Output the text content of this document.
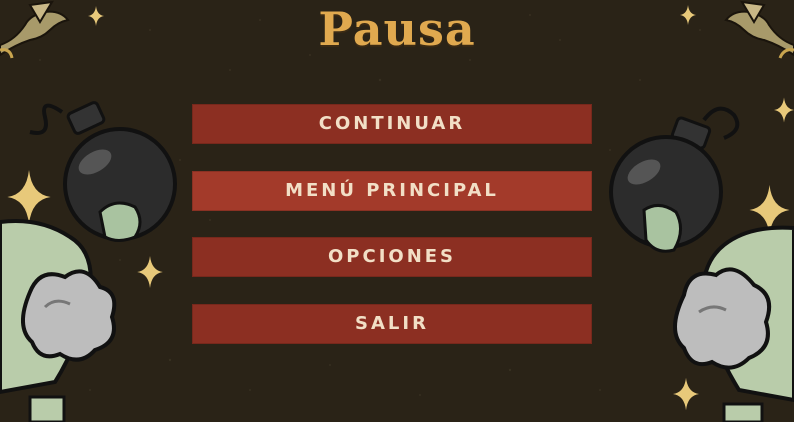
Pausa
CONTINUAR
MENÚ PRINCIPAL
OPCIONES
SALIR
